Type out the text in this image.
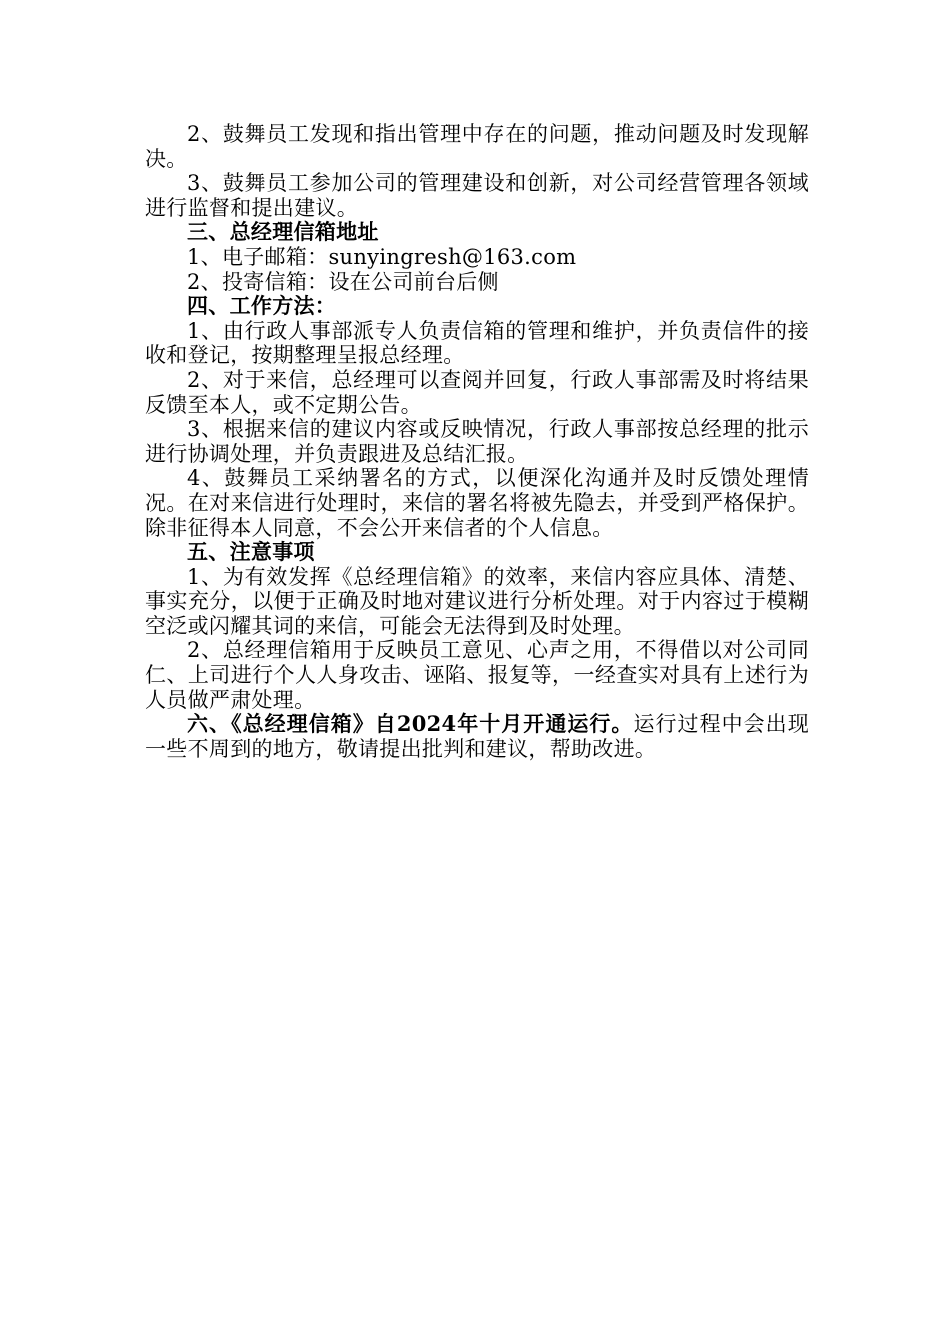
2、鼓舞员工发现和指出管理中存在的问题，推动问题及时发现解决。

3、鼓舞员工参加公司的管理建设和创新，对公司经营管理各领域进行监督和提出建议。

三、总经理信箱地址

1、电子邮箱：sunyingresh@163.com

2、投寄信箱：设在公司前台后侧

四、工作方法：

1、由行政人事部派专人负责信箱的管理和维护，并负责信件的接收和登记，按期整理呈报总经理。

2、对于来信，总经理可以查阅并回复，行政人事部需及时将结果反馈至本人，或不定期公告。

3、根据来信的建议内容或反映情况，行政人事部按总经理的批示进行协调处理，并负责跟进及总结汇报。

4、鼓舞员工采纳署名的方式，以便深化沟通并及时反馈处理情况。在对来信进行处理时，来信的署名将被先隐去，并受到严格保护。除非征得本人同意，不会公开来信者的个人信息。

五、注意事项

1、为有效发挥《总经理信箱》的效率，来信内容应具体、清楚、事实充分，以便于正确及时地对建议进行分析处理。对于内容过于模糊空泛或闪耀其词的来信，可能会无法得到及时处理。

2、总经理信箱用于反映员工意见、心声之用，不得借以对公司同仁、上司进行个人人身攻击、诬陷、报复等，一经查实对具有上述行为人员做严肃处理。

六、《总经理信箱》自2024年十月开通运行。运行过程中会出现一些不周到的地方，敬请提出批判和建议，帮助改进。
